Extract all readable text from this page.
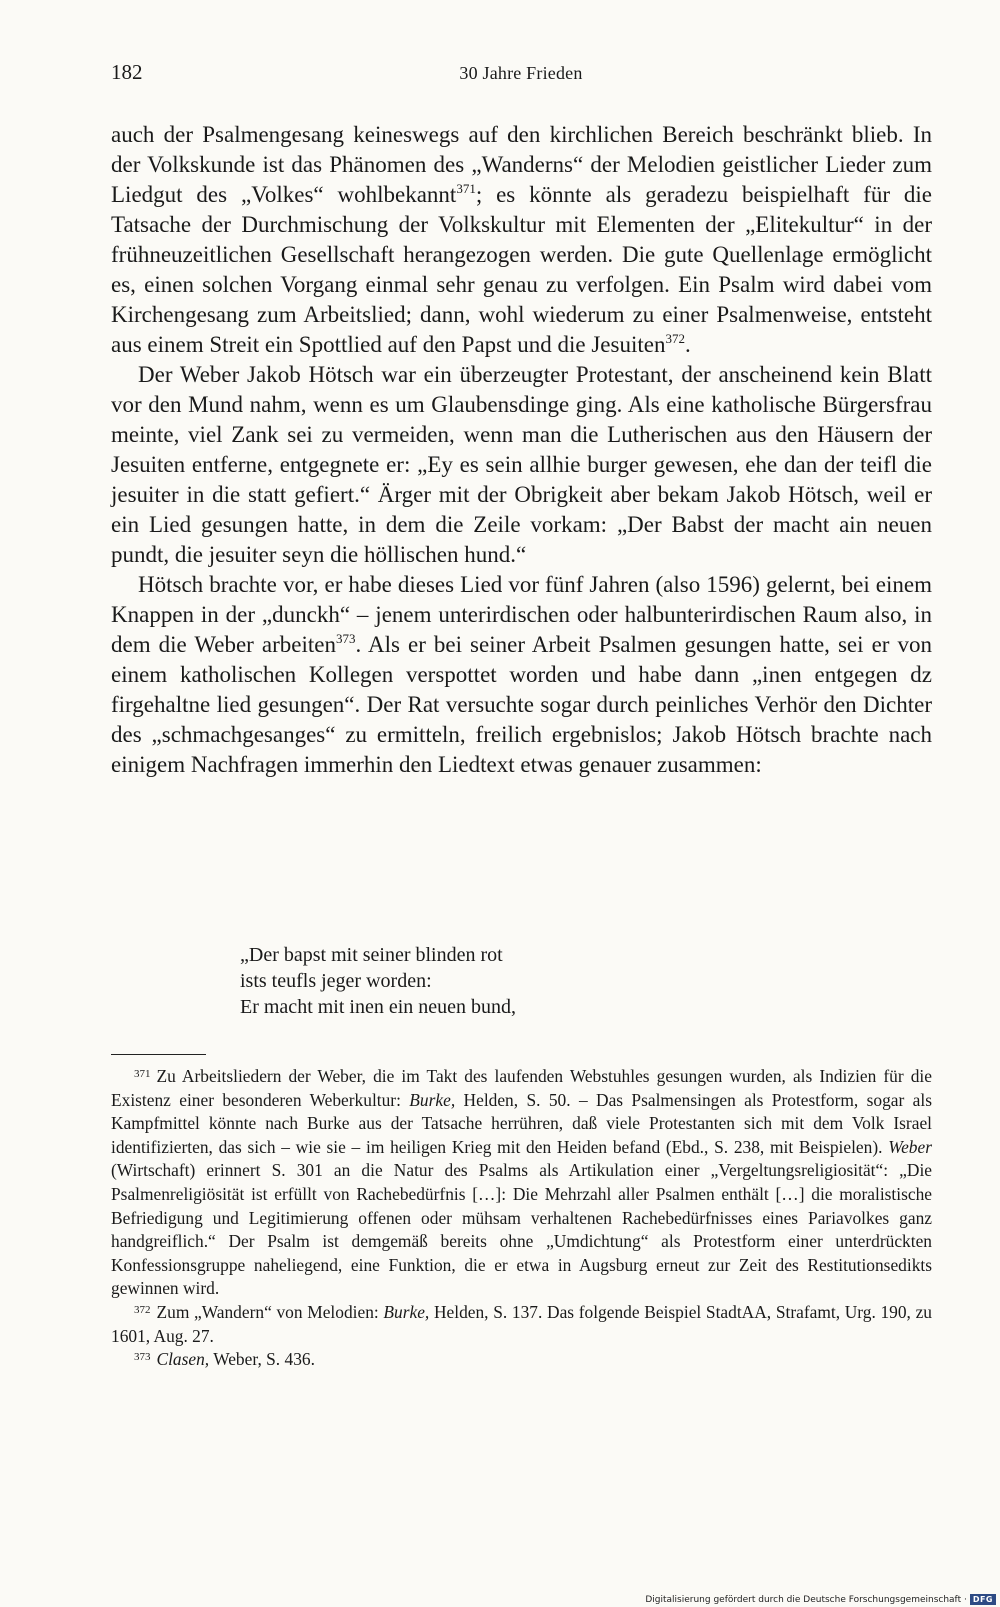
182	30 Jahre Frieden

auch der Psalmengesang keineswegs auf den kirchlichen Bereich beschränkt blieb. In der Volkskunde ist das Phänomen des „Wanderns“ der Melodien geistlicher Lieder zum Liedgut des „Volkes“ wohlbekannt$^{371}$; es könnte als geradezu beispielhaft für die Tatsache der Durchmischung der Volkskultur mit Elementen der „Elitekultur“ in der frühneuzeitlichen Gesellschaft herangezogen werden. Die gute Quellenlage ermöglicht es, einen solchen Vorgang einmal sehr genau zu verfolgen. Ein Psalm wird dabei vom Kirchengesang zum Arbeitslied; dann, wohl wiederum zu einer Psalmenweise, entsteht aus einem Streit ein Spottlied auf den Papst und die Jesuiten$^{372}$.

Der Weber Jakob Hötsch war ein überzeugter Protestant, der anscheinend kein Blatt vor den Mund nahm, wenn es um Glaubensdinge ging. Als eine katholische Bürgersfrau meinte, viel Zank sei zu vermeiden, wenn man die Lutherischen aus den Häusern der Jesuiten entferne, entgegnete er: „Ey es sein allhie burger gewesen, ehe dan der teifl die jesuiter in die statt gefiert.“ Ärger mit der Obrigkeit aber bekam Jakob Hötsch, weil er ein Lied gesungen hatte, in dem die Zeile vorkam: „Der Babst der macht ain neuen pundt, die jesuiter seyn die höllischen hund.“

Hötsch brachte vor, er habe dieses Lied vor fünf Jahren (also 1596) gelernt, bei einem Knappen in der „dunckh“ – jenem unterirdischen oder halbunterirdischen Raum also, in dem die Weber arbeiten$^{373}$. Als er bei seiner Arbeit Psalmen gesungen hatte, sei er von einem katholischen Kollegen verspottet worden und habe dann „inen entgegen dz firgehaltne lied gesungen“. Der Rat versuchte sogar durch peinliches Verhör den Dichter des „schmachgesanges“ zu ermitteln, freilich ergebnislos; Jakob Hötsch brachte nach einigem Nachfragen immerhin den Liedtext etwas genauer zusammen:

„Der bapst mit seiner blinden rot
ists teufls jeger worden:
Er macht mit inen ein neuen bund,

$^{371}$ Zu Arbeitsliedern der Weber, die im Takt des laufenden Webstuhles gesungen wurden, als Indizien für die Existenz einer besonderen Weberkultur: Burke, Helden, S. 50. – Das Psalmensingen als Protestform, sogar als Kampfmittel könnte nach Burke aus der Tatsache herrühren, daß viele Protestanten sich mit dem Volk Israel identifizierten, das sich – wie sie – im heiligen Krieg mit den Heiden befand (Ebd., S. 238, mit Beispielen). Weber (Wirtschaft) erinnert S. 301 an die Natur des Psalms als Artikulation einer „Vergeltungsreligiosität“: „Die Psalmenreligiösität ist erfüllt von Rachebedürfnis […]: Die Mehrzahl aller Psalmen enthält […] die moralistische Befriedigung und Legitimierung offenen oder mühsam verhaltenen Rachebedürfnisses eines Pariavolkes ganz handgreiflich.“ Der Psalm ist demgemäß bereits ohne „Umdichtung“ als Protestform einer unterdrückten Konfessionsgruppe naheliegend, eine Funktion, die er etwa in Augsburg erneut zur Zeit des Restitutionsedikts gewinnen wird.

$^{372}$ Zum „Wandern“ von Melodien: Burke, Helden, S. 137. Das folgende Beispiel StadtAA, Strafamt, Urg. 190, zu 1601, Aug. 27.

$^{373}$ Clasen, Weber, S. 436.

Digitalisierung gefördert durch die Deutsche Forschungsgemeinschaft · DFG
